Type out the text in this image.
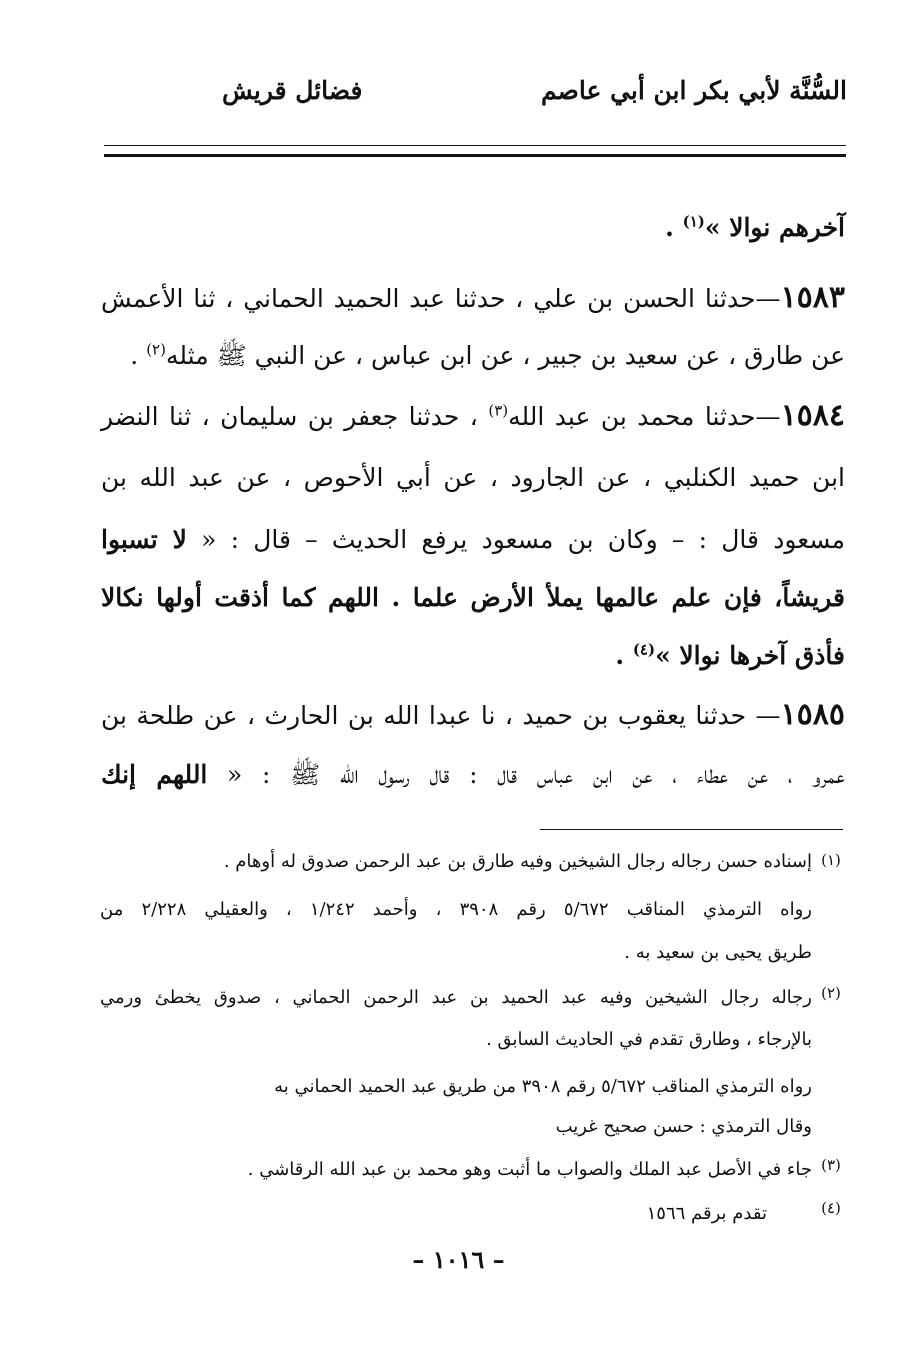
السُّنَّة لأبي بكر ابن أبي عاصم
فضائل قريش
آخرهم نوالا »$^{(١)}$ .
١٥٨٣—حدثنا الحسن بن علي ، حدثنا عبد الحميد الحماني ، ثنا الأعمش
عن طارق ، عن سعيد بن جبير ، عن ابن عباس ، عن النبي ﷺ مثله$^{(٢)}$ .
١٥٨٤—حدثنا محمد بن عبد الله$^{(٣)}$ ، حدثنا جعفر بن سليمان ، ثنا النضر
ابن حميد الكنلبي ، عن الجارود ، عن أبي الأحوص ، عن عبد الله بن
مسعود قال : – وكان بن مسعود يرفع الحديث – قال : « لا تسبوا
قريشاً، فإن علم عالمها يملأ الأرض علما . اللهم كما أذقت أولها نكالا
فأذق آخرها نوالا »$^{(٤)}$ .
١٥٨٥— حدثنا يعقوب بن حميد ، نا عبدا الله بن الحارث ، عن طلحة بن
عمرو ، عن عطاء ، عن ابن عباس قال : قال رسول الله ﷺ : « اللهم إنك
(١)
إسناده حسن رجاله رجال الشيخين وفيه طارق بن عبد الرحمن صدوق له أوهام .
رواه الترمذي المناقب ٥/٦٧٢ رقم ٣٩٠٨ ، وأحمد ١/٢٤٢ ، والعقيلي ٢/٢٢٨ من
طريق يحيى بن سعيد به .
(٢)
رجاله رجال الشيخين وفيه عبد الحميد بن عبد الرحمن الحماني ، صدوق يخطئ ورمي
بالإرجاء ، وطارق تقدم في الحاديث السابق .
رواه الترمذي المناقب ٥/٦٧٢ رقم ٣٩٠٨ من طريق عبد الحميد الحماني به
وقال الترمذي : حسن صحيح غريب
(٣)
جاء في الأصل عبد الملك والصواب ما أثبت وهو محمد بن عبد الله الرقاشي .
(٤)
تقدم برقم ١٥٦٦
– ١٠١٦ –
